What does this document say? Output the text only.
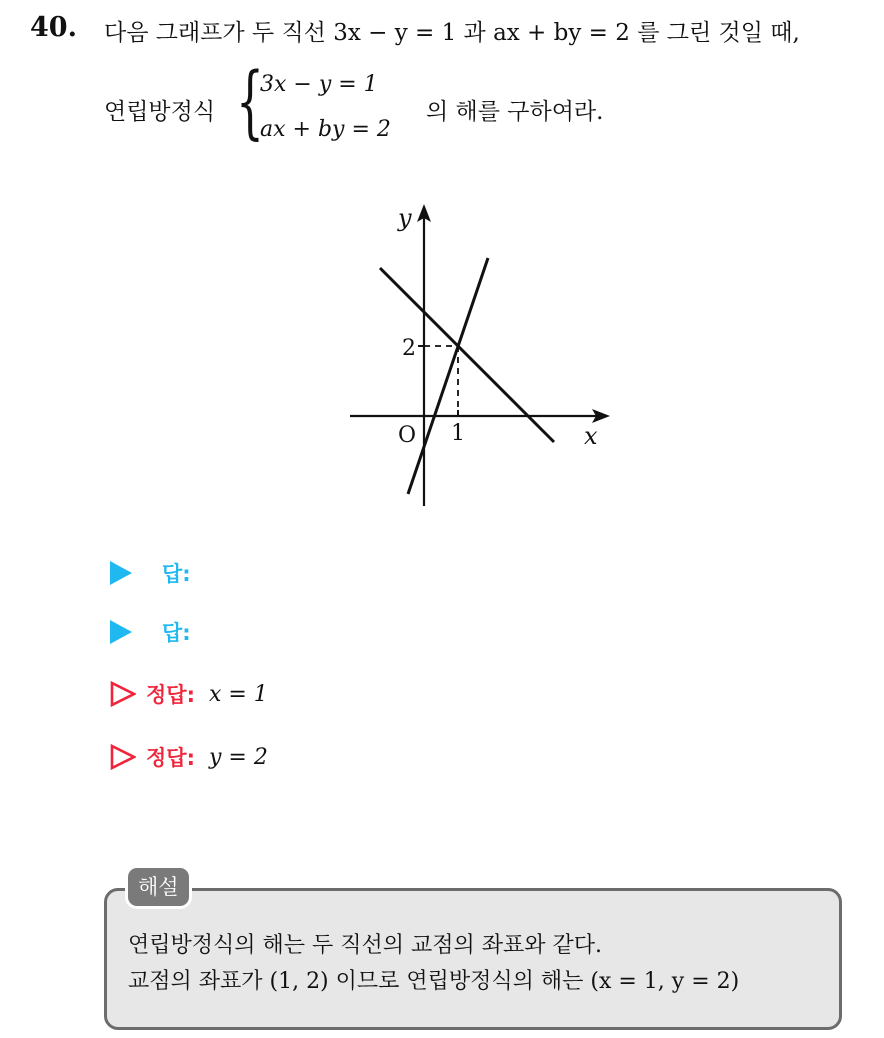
40. 다음 그래프가 두 직선 3x − y = 1 과 ax + by = 2 를 그린 것일 때,
연립방정식 {
3x − y = 1
ax + by = 2
의 해를 구하여라.
y
x
O
2
1
답:
답:
정답: x = 1
정답: y = 2
해설
연립방정식의 해는 두 직선의 교점의 좌표와 같다.
교점의 좌표가 (1, 2) 이므로 연립방정식의 해는 (x = 1, y = 2)
